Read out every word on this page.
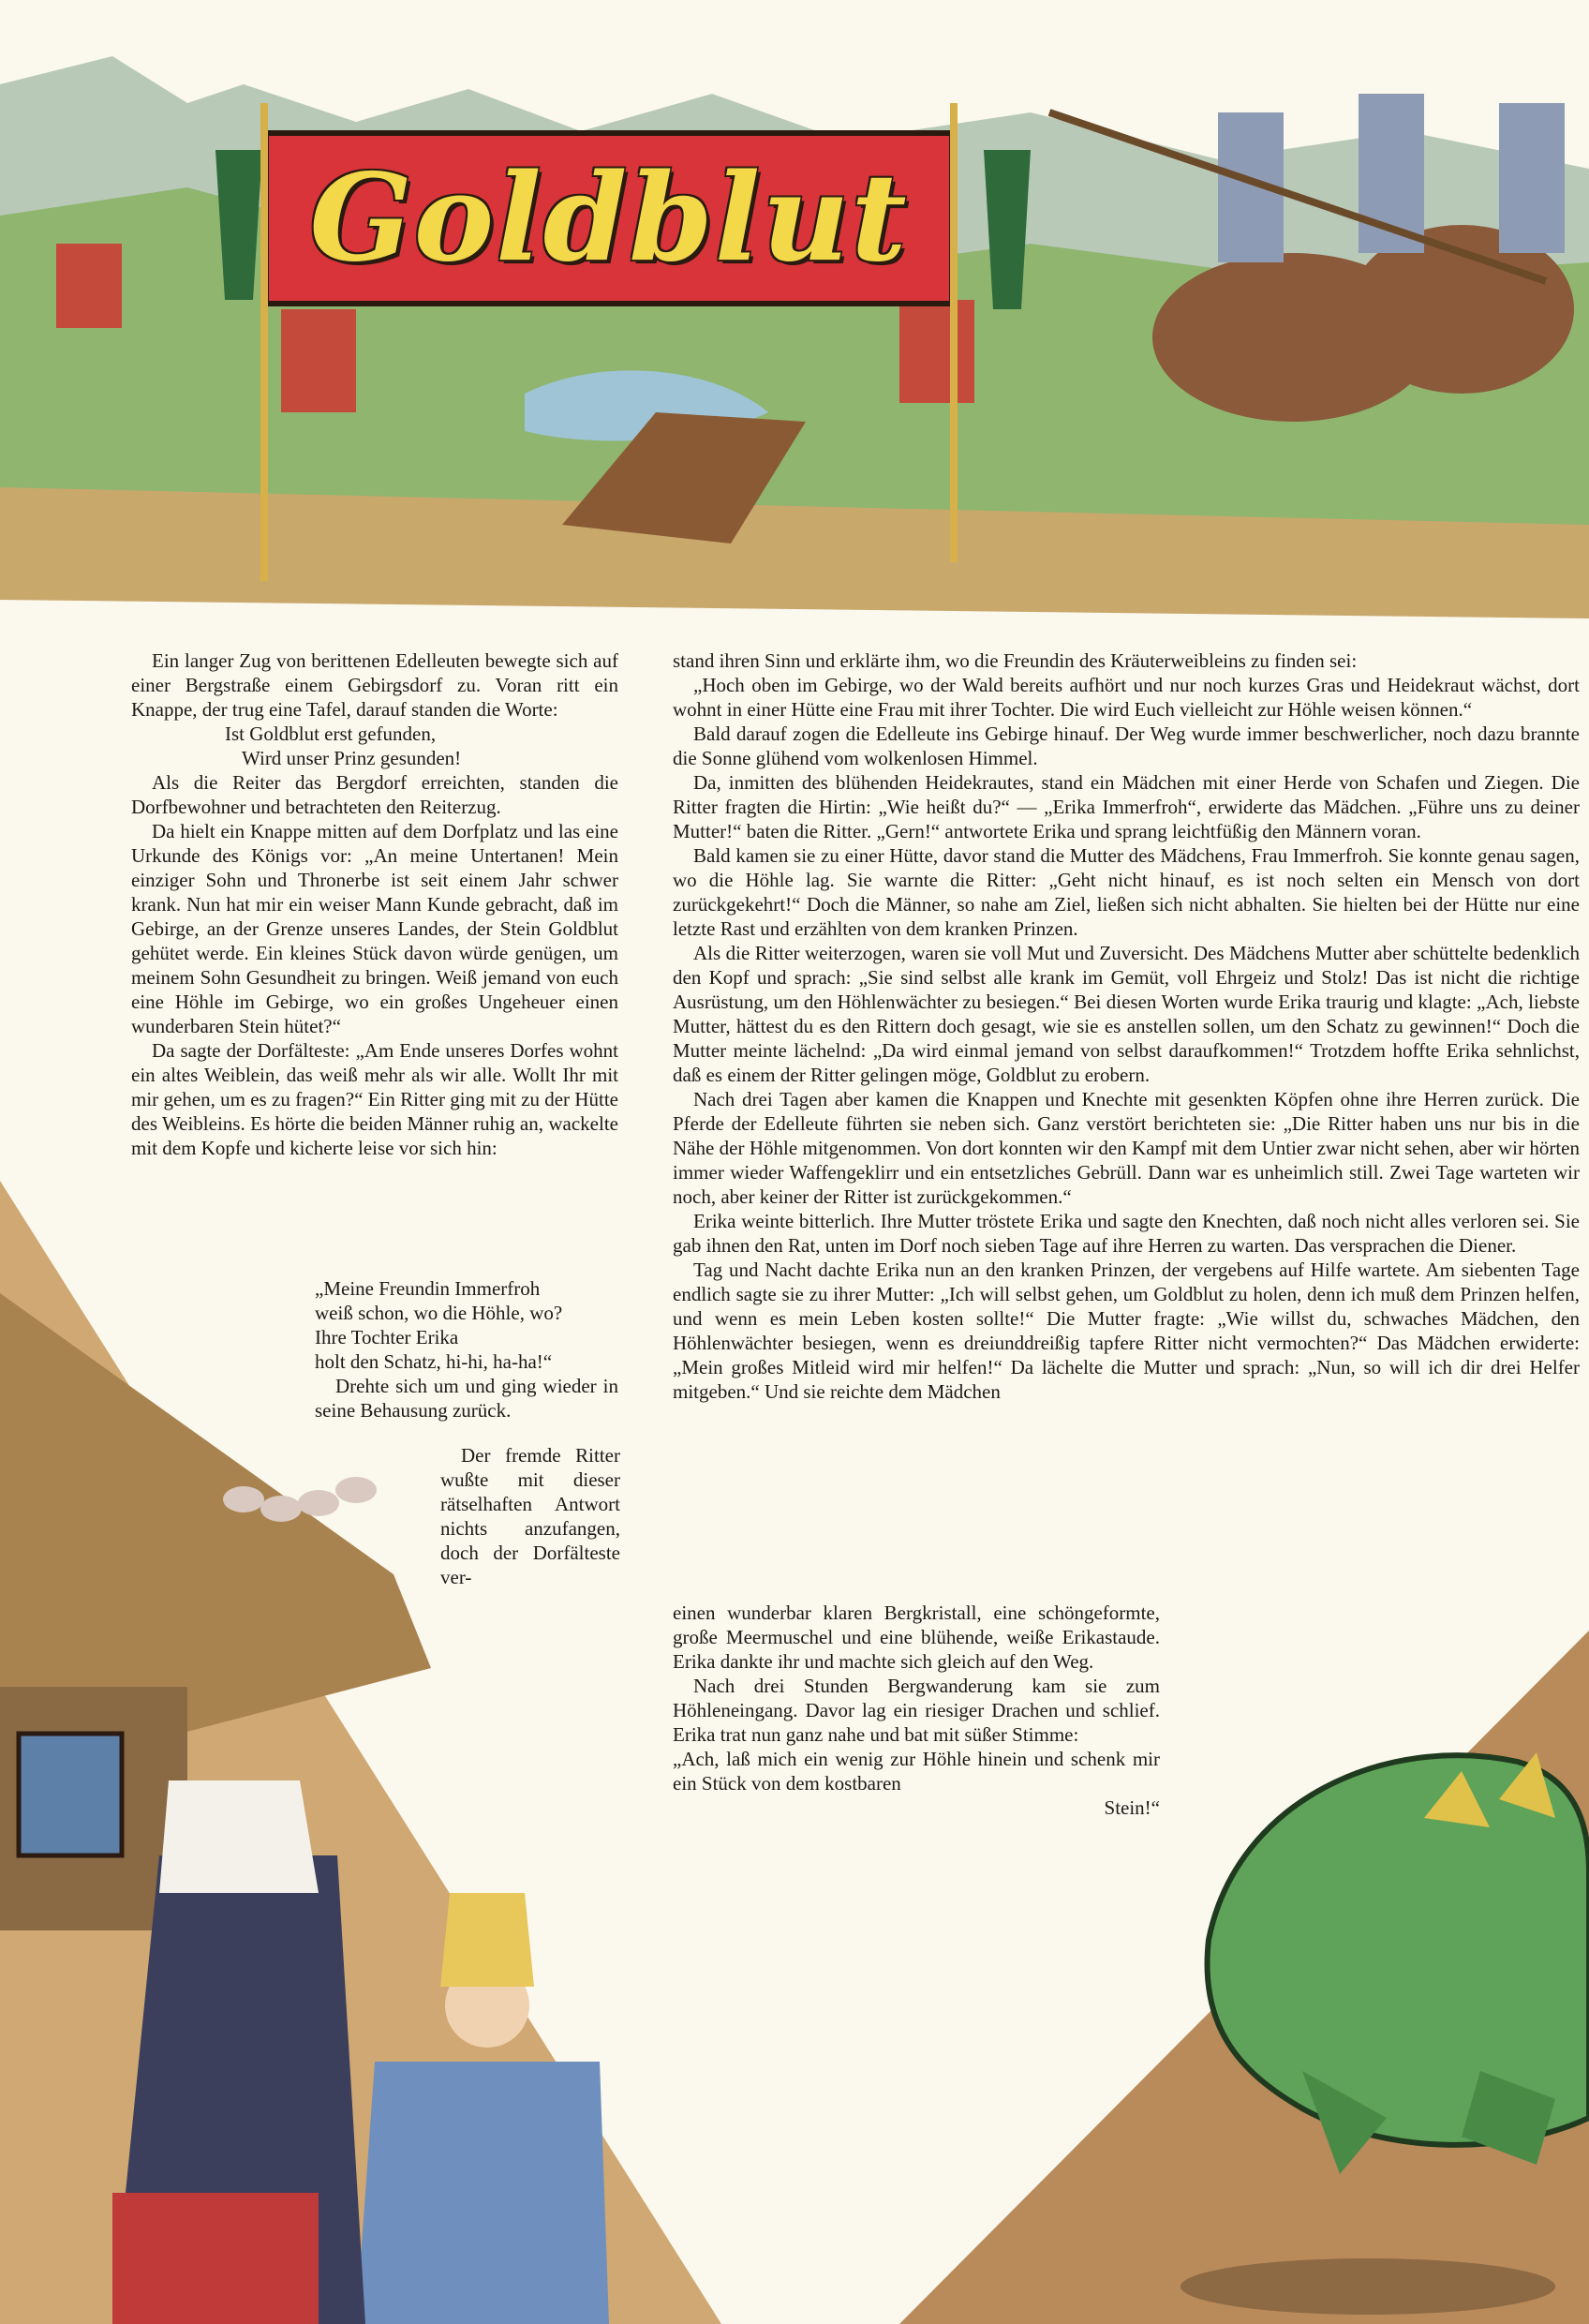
Goldblut

Ein langer Zug von berittenen Edelleuten bewegte sich auf einer Bergstraße einem Gebirgsdorf zu. Voran ritt ein Knappe, der trug eine Tafel, darauf standen die Worte:

Ist Goldblut erst gefunden,

Wird unser Prinz gesunden!

Als die Reiter das Bergdorf erreichten, standen die Dorfbewohner und betrachteten den Reiterzug.

Da hielt ein Knappe mitten auf dem Dorfplatz und las eine Urkunde des Königs vor: „An meine Untertanen! Mein einziger Sohn und Thronerbe ist seit einem Jahr schwer krank. Nun hat mir ein weiser Mann Kunde gebracht, daß im Gebirge, an der Grenze unseres Landes, der Stein Goldblut gehütet werde. Ein kleines Stück davon würde genügen, um meinem Sohn Gesundheit zu bringen. Weiß jemand von euch eine Höhle im Gebirge, wo ein großes Ungeheuer einen wunderbaren Stein hütet?“

Da sagte der Dorfälteste: „Am Ende unseres Dorfes wohnt ein altes Weiblein, das weiß mehr als wir alle. Wollt Ihr mit mir gehen, um es zu fragen?“ Ein Ritter ging mit zu der Hütte des Weibleins. Es hörte die beiden Männer ruhig an, wackelte mit dem Kopfe und kicherte leise vor sich hin:

„Meine Freundin Immerfroh

weiß schon, wo die Höhle, wo?

Ihre Tochter Erika

holt den Schatz, hi-hi, ha-ha!“

Drehte sich um und ging wieder in seine Behausung zurück.

Der fremde Ritter wußte mit dieser rätselhaften Antwort nichts anzufangen, doch der Dorfälteste ver-

stand ihren Sinn und erklärte ihm, wo die Freundin des Kräuterweibleins zu finden sei:

„Hoch oben im Gebirge, wo der Wald bereits aufhört und nur noch kurzes Gras und Heidekraut wächst, dort wohnt in einer Hütte eine Frau mit ihrer Tochter. Die wird Euch vielleicht zur Höhle weisen können.“

Bald darauf zogen die Edelleute ins Gebirge hinauf. Der Weg wurde immer beschwerlicher, noch dazu brannte die Sonne glühend vom wolkenlosen Himmel.

Da, inmitten des blühenden Heidekrautes, stand ein Mädchen mit einer Herde von Schafen und Ziegen. Die Ritter fragten die Hirtin: „Wie heißt du?“ — „Erika Immerfroh“, erwiderte das Mädchen. „Führe uns zu deiner Mutter!“ baten die Ritter. „Gern!“ antwortete Erika und sprang leichtfüßig den Männern voran.

Bald kamen sie zu einer Hütte, davor stand die Mutter des Mädchens, Frau Immerfroh. Sie konnte genau sagen, wo die Höhle lag. Sie warnte die Ritter: „Geht nicht hinauf, es ist noch selten ein Mensch von dort zurückgekehrt!“ Doch die Männer, so nahe am Ziel, ließen sich nicht abhalten. Sie hielten bei der Hütte nur eine letzte Rast und erzählten von dem kranken Prinzen.

Als die Ritter weiterzogen, waren sie voll Mut und Zuversicht. Des Mädchens Mutter aber schüttelte bedenklich den Kopf und sprach: „Sie sind selbst alle krank im Gemüt, voll Ehrgeiz und Stolz! Das ist nicht die richtige Ausrüstung, um den Höhlenwächter zu besiegen.“ Bei diesen Worten wurde Erika traurig und klagte: „Ach, liebste Mutter, hättest du es den Rittern doch gesagt, wie sie es anstellen sollen, um den Schatz zu gewinnen!“ Doch die Mutter meinte lächelnd: „Da wird einmal jemand von selbst daraufkommen!“ Trotzdem hoffte Erika sehnlichst, daß es einem der Ritter gelingen möge, Goldblut zu erobern.

Nach drei Tagen aber kamen die Knappen und Knechte mit gesenkten Köpfen ohne ihre Herren zurück. Die Pferde der Edelleute führten sie neben sich. Ganz verstört berichteten sie: „Die Ritter haben uns nur bis in die Nähe der Höhle mitgenommen. Von dort konnten wir den Kampf mit dem Untier zwar nicht sehen, aber wir hörten immer wieder Waffengeklirr und ein entsetzliches Gebrüll. Dann war es unheimlich still. Zwei Tage warteten wir noch, aber keiner der Ritter ist zurückgekommen.“

Erika weinte bitterlich. Ihre Mutter tröstete Erika und sagte den Knechten, daß noch nicht alles verloren sei. Sie gab ihnen den Rat, unten im Dorf noch sieben Tage auf ihre Herren zu warten. Das versprachen die Diener.

Tag und Nacht dachte Erika nun an den kranken Prinzen, der vergebens auf Hilfe wartete. Am siebenten Tage endlich sagte sie zu ihrer Mutter: „Ich will selbst gehen, um Goldblut zu holen, denn ich muß dem Prinzen helfen, und wenn es mein Leben kosten sollte!“ Die Mutter fragte: „Wie willst du, schwaches Mädchen, den Höhlenwächter besiegen, wenn es dreiunddreißig tapfere Ritter nicht vermochten?“ Das Mädchen erwiderte: „Mein großes Mitleid wird mir helfen!“ Da lächelte die Mutter und sprach: „Nun, so will ich dir drei Helfer mitgeben.“ Und sie reichte dem Mädchen

einen wunderbar klaren Bergkristall, eine schöngeformte, große Meermuschel und eine blühende, weiße Erikastaude. Erika dankte ihr und machte sich gleich auf den Weg.

Nach drei Stunden Bergwanderung kam sie zum Höhleneingang. Davor lag ein riesiger Drachen und schlief. Erika trat nun ganz nahe und bat mit süßer Stimme:

„Ach, laß mich ein wenig zur Höhle hinein und schenk mir ein Stück von dem kostbaren

Stein!“
